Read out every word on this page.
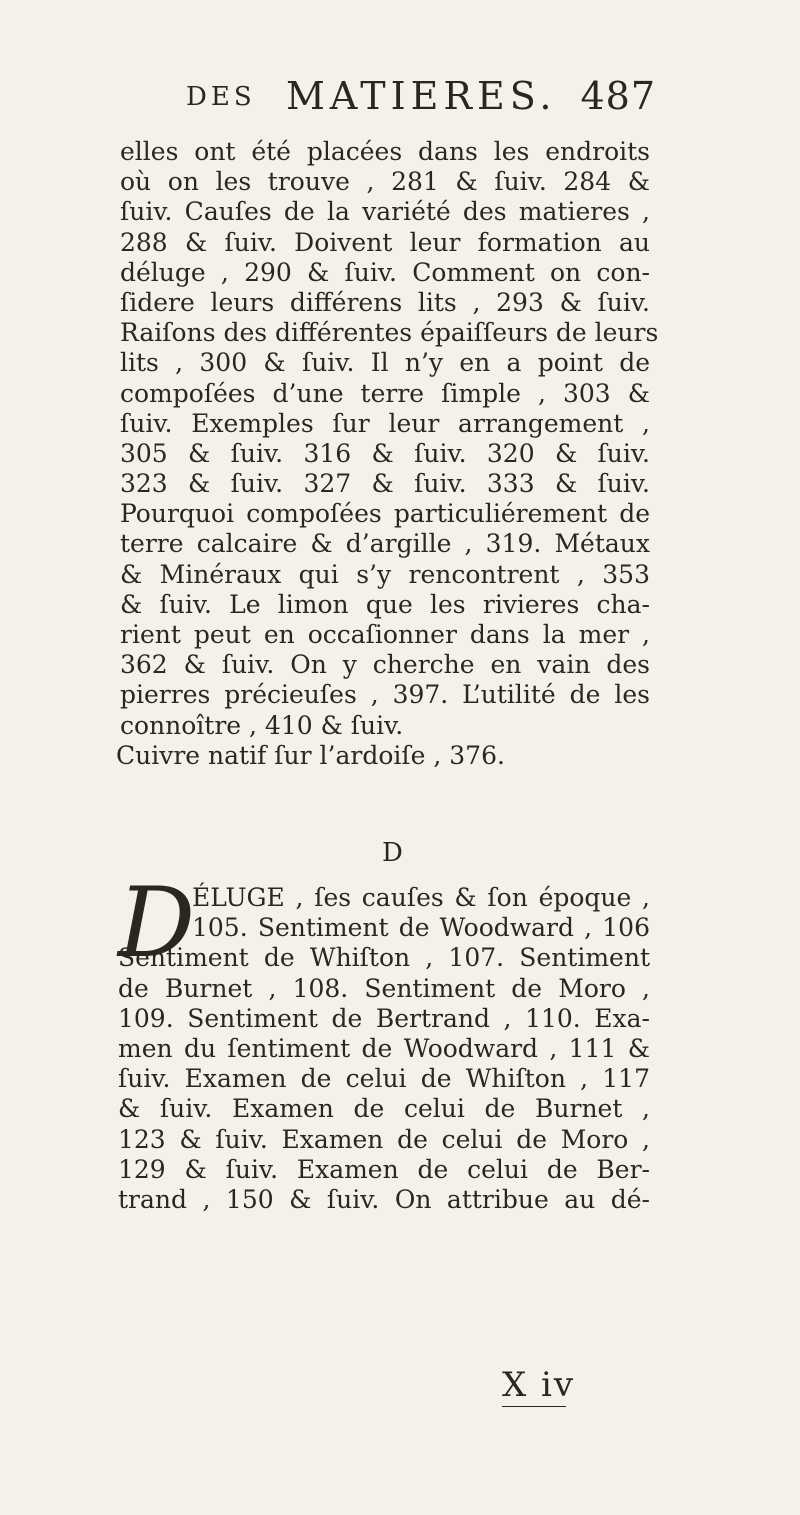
DES MATIERES. 487
elles ont été placées dans les endroits
où on les trouve , 281 & ſuiv. 284 &
ſuiv. Cauſes de la variété des matieres ,
288 & ſuiv. Doivent leur formation au
déluge , 290 & ſuiv. Comment on con-
ſidere leurs différens lits , 293 & ſuiv.
Raiſons des différentes épaiſſeurs de leurs
lits , 300 & ſuiv. Il n’y en a point de
compoſées d’une terre ſimple , 303 &
ſuiv. Exemples ſur leur arrangement ,
305 & ſuiv. 316 & ſuiv. 320 & ſuiv.
323 & ſuiv. 327 & ſuiv. 333 & ſuiv.
Pourquoi compoſées particuliérement de
terre calcaire & d’argille , 319. Métaux
& Minéraux qui s’y rencontrent , 353
& ſuiv. Le limon que les rivieres cha-
rient peut en occaſionner dans la mer ,
362 & ſuiv. On y cherche en vain des
pierres précieuſes , 397. L’utilité de les
connoître , 410 & ſuiv.
Cuivre natif ſur l’ardoiſe , 376.
D
D
ÉLUGE , ſes cauſes & ſon époque ,
105. Sentiment de Woodward , 106
Sentiment de Whiſton , 107. Sentiment
de Burnet , 108. Sentiment de Moro ,
109. Sentiment de Bertrand , 110. Exa-
men du ſentiment de Woodward , 111 &
ſuiv. Examen de celui de Whiſton , 117
& ſuiv. Examen de celui de Burnet ,
123 & ſuiv. Examen de celui de Moro ,
129 & ſuiv. Examen de celui de Ber-
trand , 150 & ſuiv. On attribue au dé-
X iv
